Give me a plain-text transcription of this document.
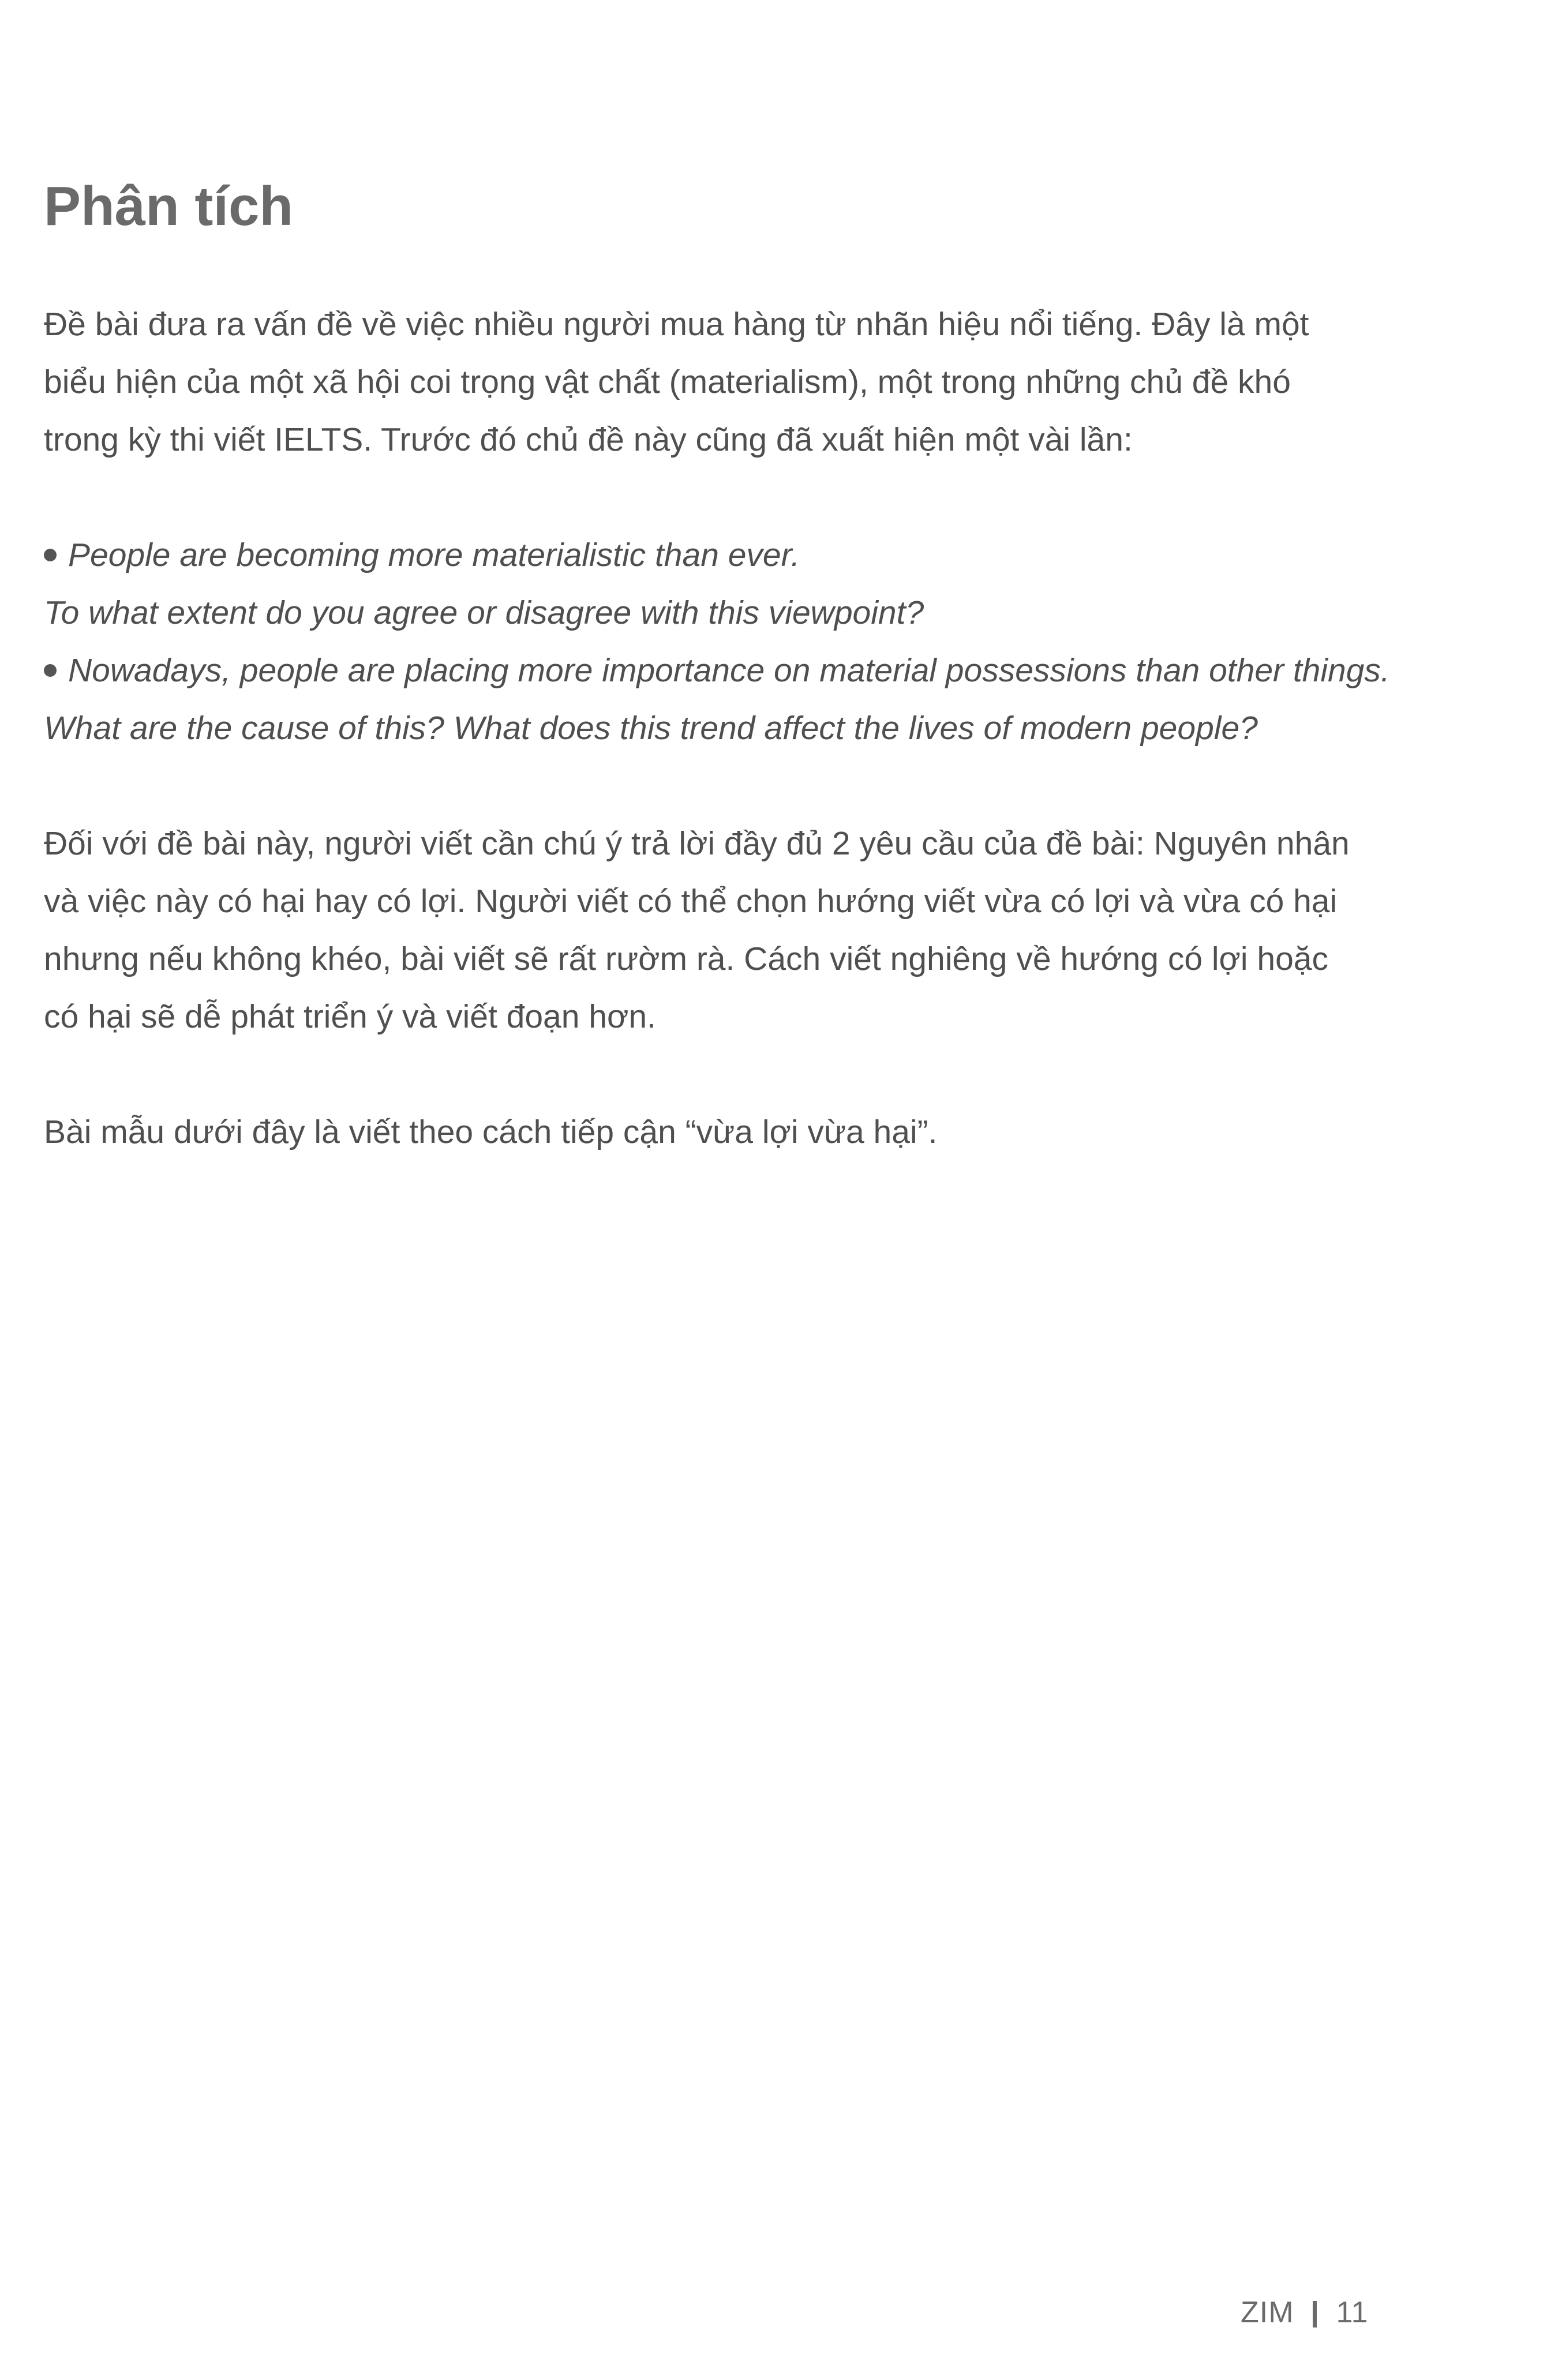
Phân tích

Đề bài đưa ra vấn đề về việc nhiều người mua hàng từ nhãn hiệu nổi tiếng. Đây là một
biểu hiện của một xã hội coi trọng vật chất (materialism), một trong những chủ đề khó
trong kỳ thi viết IELTS. Trước đó chủ đề này cũng đã xuất hiện một vài lần:

People are becoming more materialistic than ever.
To what extent do you agree or disagree with this viewpoint?
Nowadays, people are placing more importance on material possessions than other things.
What are the cause of this? What does this trend affect the lives of modern people?

Đối với đề bài này, người viết cần chú ý trả lời đầy đủ 2 yêu cầu của đề bài: Nguyên nhân
và việc này có hại hay có lợi. Người viết có thể chọn hướng viết vừa có lợi và vừa có hại
nhưng nếu không khéo, bài viết sẽ rất rườm rà. Cách viết nghiêng về hướng có lợi hoặc
có hại sẽ dễ phát triển ý và viết đoạn hơn.

Bài mẫu dưới đây là viết theo cách tiếp cận “vừa lợi vừa hại”.

ZIM 11
